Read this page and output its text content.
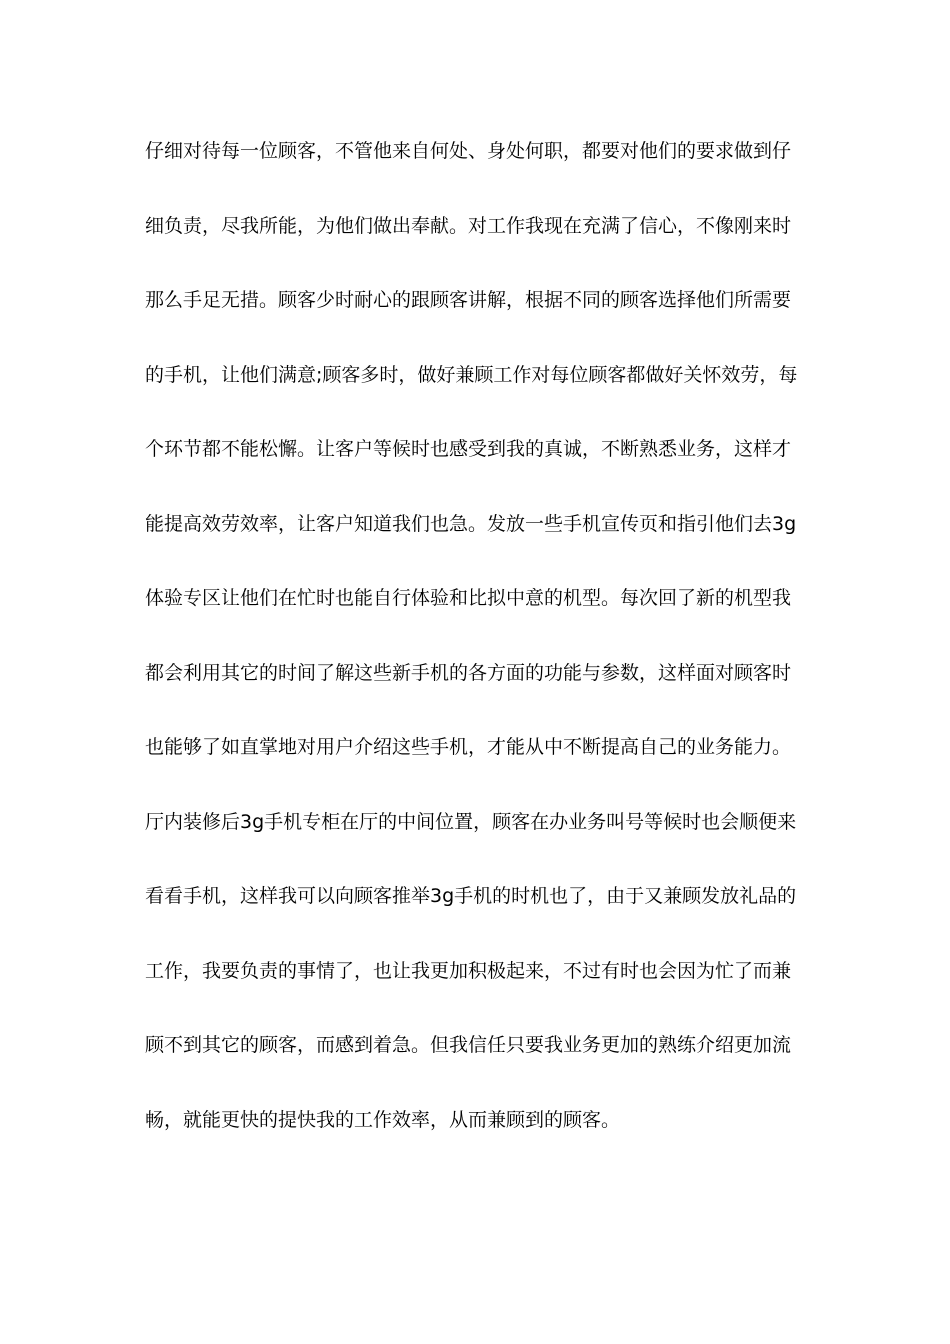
仔细对待每一位顾客，不管他来自何处、身处何职，都要对他们的要求做到仔
细负责，尽我所能，为他们做出奉献。对工作我现在充满了信心，不像刚来时
那么手足无措。顾客少时耐心的跟顾客讲解，根据不同的顾客选择他们所需要
的手机，让他们满意;顾客多时，做好兼顾工作对每位顾客都做好关怀效劳，每
个环节都不能松懈。让客户等候时也感受到我的真诚，不断熟悉业务，这样才
能提高效劳效率，让客户知道我们也急。发放一些手机宣传页和指引他们去3g
体验专区让他们在忙时也能自行体验和比拟中意的机型。每次回了新的机型我
都会利用其它的时间了解这些新手机的各方面的功能与参数，这样面对顾客时
也能够了如直掌地对用户介绍这些手机，才能从中不断提高自己的业务能力。
厅内装修后3g手机专柜在厅的中间位置，顾客在办业务叫号等候时也会顺便来
看看手机，这样我可以向顾客推举3g手机的时机也了，由于又兼顾发放礼品的
工作，我要负责的事情了，也让我更加积极起来，不过有时也会因为忙了而兼
顾不到其它的顾客，而感到着急。但我信任只要我业务更加的熟练介绍更加流
畅，就能更快的提快我的工作效率，从而兼顾到的顾客。
